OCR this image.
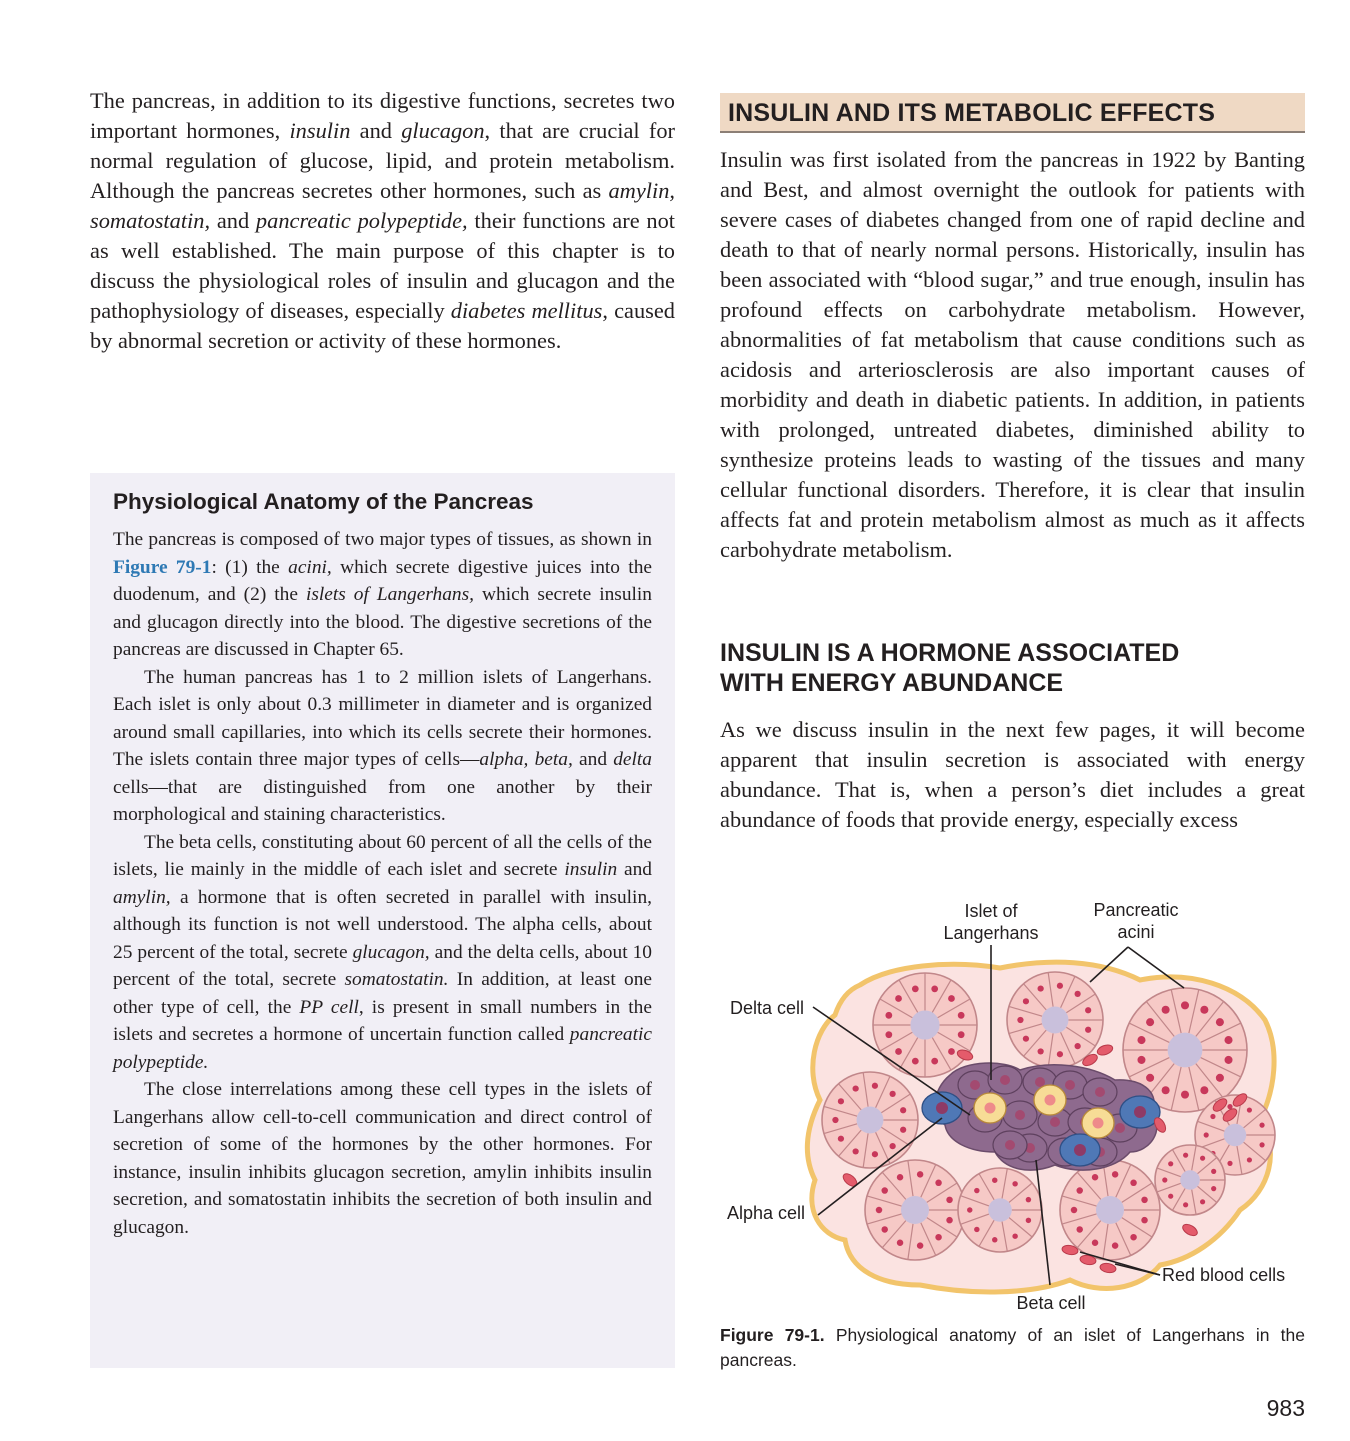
The pancreas, in addition to its digestive functions, secretes two important hormones, insulin and glucagon, that are crucial for normal regulation of glucose, lipid, and protein metabolism. Although the pancreas secretes other hormones, such as amylin, somatostatin, and pancreatic polypeptide, their functions are not as well established. The main purpose of this chapter is to discuss the physiological roles of insulin and glucagon and the pathophysiology of diseases, especially diabetes mellitus, caused by abnormal secretion or activity of these hormones.

Physiological Anatomy of the Pancreas

The pancreas is composed of two major types of tissues, as shown in Figure 79-1: (1) the acini, which secrete digestive juices into the duodenum, and (2) the islets of Langerhans, which secrete insulin and glucagon directly into the blood. The digestive secretions of the pancreas are discussed in Chapter 65.

The human pancreas has 1 to 2 million islets of Langerhans. Each islet is only about 0.3 millimeter in diameter and is organized around small capillaries, into which its cells secrete their hormones. The islets contain three major types of cells—alpha, beta, and delta cells—that are distinguished from one another by their morphological and staining characteristics.

The beta cells, constituting about 60 percent of all the cells of the islets, lie mainly in the middle of each islet and secrete insulin and amylin, a hormone that is often secreted in parallel with insulin, although its function is not well understood. The alpha cells, about 25 percent of the total, secrete glucagon, and the delta cells, about 10 percent of the total, secrete somatostatin. In addition, at least one other type of cell, the PP cell, is present in small numbers in the islets and secretes a hormone of uncertain function called pancreatic polypeptide.

The close interrelations among these cell types in the islets of Langerhans allow cell-to-cell communication and direct control of secretion of some of the hormones by the other hormones. For instance, insulin inhibits glucagon secretion, amylin inhibits insulin secretion, and somatostatin inhibits the secretion of both insulin and glucagon.

INSULIN AND ITS METABOLIC EFFECTS

Insulin was first isolated from the pancreas in 1922 by Banting and Best, and almost overnight the outlook for patients with severe cases of diabetes changed from one of rapid decline and death to that of nearly normal persons. Historically, insulin has been associated with “blood sugar,” and true enough, insulin has profound effects on carbohydrate metabolism. However, abnormalities of fat metabolism that cause conditions such as acidosis and arteriosclerosis are also important causes of morbidity and death in diabetic patients. In addition, in patients with prolonged, untreated diabetes, diminished ability to synthesize proteins leads to wasting of the tissues and many cellular functional disorders. Therefore, it is clear that insulin affects fat and protein metabolism almost as much as it affects carbohydrate metabolism.

INSULIN IS A HORMONE ASSOCIATED
WITH ENERGY ABUNDANCE

As we discuss insulin in the next few pages, it will become apparent that insulin secretion is associated with energy abundance. That is, when a person’s diet includes a great abundance of foods that provide energy, especially excess

Islet of
Langerhans
Pancreatic
acini
Delta cell
Alpha cell
Red blood cells
Beta cell

Figure 79-1. Physiological anatomy of an islet of Langerhans in the pancreas.

983
